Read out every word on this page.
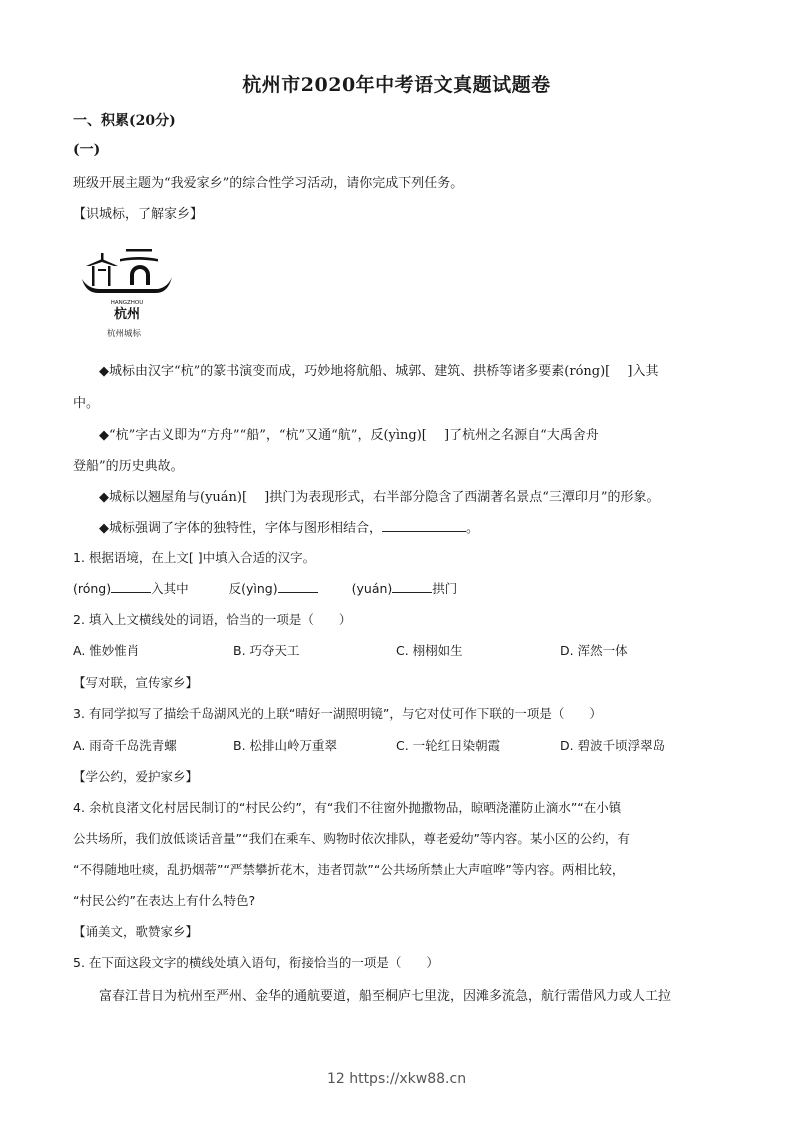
杭州市2020年中考语文真题试题卷
一、积累(20分)
(一)
班级开展主题为“我爱家乡”的综合性学习活动，请你完成下列任务。
【识城标，了解家乡】
HANGZHOU
杭州
杭州城标
◆城标由汉字“杭”的篆书演变而成，巧妙地将航船、城郭、建筑、拱桥等诸多要素(róng)[　 ]入其
中。
◆“杭”字古义即为“方舟”“船”，“杭”又通“航”，反(yìng)[　 ]了杭州之名源自“大禹舍舟
登船”的历史典故。
◆城标以翘屋角与(yuán)[　 ]拱门为表现形式，右半部分隐含了西湖著名景点“三潭印月”的形象。
◆城标强调了字体的独特性，字体与图形相结合，	。
1. 根据语境，在上文[ ]中填入合适的汉字。
(róng)	入其中	反(yìng)	(yuán)	拱门
2. 填入上文横线处的词语，恰当的一项是（　　）
A. 惟妙惟肖	B. 巧夺天工	C. 栩栩如生	D. 浑然一体
【写对联，宣传家乡】
3. 有同学拟写了描绘千岛湖风光的上联“晴好一湖照明镜”，与它对仗可作下联的一项是（　　）
A. 雨奇千岛洗青螺	B. 松排山岭万重翠	C. 一轮红日染朝霞	D. 碧波千顷浮翠岛
【学公约，爱护家乡】
4. 余杭良渚文化村居民制订的“村民公约”，有“我们不往窗外抛撒物品，晾晒浇灌防止滴水”“在小镇
公共场所，我们放低谈话音量”“我们在乘车、购物时依次排队，尊老爱幼”等内容。某小区的公约，有
“不得随地吐痰，乱扔烟蒂”“严禁攀折花木，违者罚款”“公共场所禁止大声喧哗”等内容。两相比较，
“村民公约”在表达上有什么特色?
【诵美文，歌赞家乡】
5. 在下面这段文字的横线处填入语句，衔接恰当的一项是（　　）
富春江昔日为杭州至严州、金华的通航要道，船至桐庐七里泷，因滩多流急，航行需借风力或人工拉
12 https://xkw88.cn
